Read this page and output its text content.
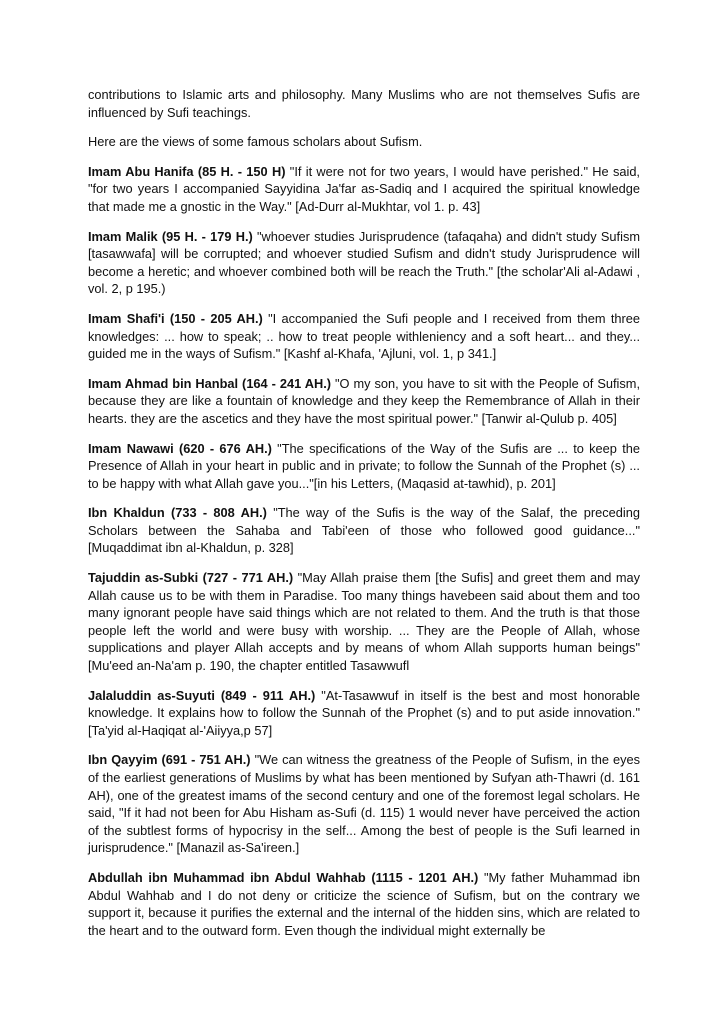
contributions to Islamic arts and philosophy. Many Muslims who are not themselves Sufis are influenced by Sufi teachings.

Here are the views of some famous scholars about Sufism.

Imam Abu Hanifa (85 H. - 150 H) "If it were not for two years, I would have perished." He said, "for two years I accompanied Sayyidina Ja'far as-Sadiq and I acquired the spiritual knowledge that made me a gnostic in the Way." [Ad-Durr al-Mukhtar, vol 1. p. 43]

Imam Malik (95 H. - 179 H.) "whoever studies Jurisprudence (tafaqaha) and didn't study Sufism [tasawwafa] will be corrupted; and whoever studied Sufism and didn't study Jurisprudence will become a heretic; and whoever combined both will be reach the Truth." [the scholar'Ali al-Adawi , vol. 2, p 195.)

Imam Shafi'i (150 - 205 AH.) "I accompanied the Sufi people and I received from them three knowledges: ... how to speak; .. how to treat people withleniency and a soft heart... and they... guided me in the ways of Sufism." [Kashf al-Khafa, 'Ajluni, vol. 1, p 341.]

Imam Ahmad bin Hanbal (164 - 241 AH.) "O my son, you have to sit with the People of Sufism, because they are like a fountain of knowledge and they keep the Remembrance of Allah in their hearts. they are the ascetics and they have the most spiritual power." [Tanwir al-Qulub p. 405]

Imam Nawawi (620 - 676 AH.) "The specifications of the Way of the Sufis are ... to keep the Presence of Allah in your heart in public and in private; to follow the Sunnah of the Prophet (s) ... to be happy with what Allah gave you..."[in his Letters, (Maqasid at-tawhid), p. 201]

Ibn Khaldun (733 - 808 AH.) "The way of the Sufis is the way of the Salaf, the preceding Scholars between the Sahaba and Tabi'een of those who followed good guidance..." [Muqaddimat ibn al-Khaldun, p. 328]

Tajuddin as-Subki (727 - 771 AH.) "May Allah praise them [the Sufis] and greet them and may Allah cause us to be with them in Paradise. Too many things havebeen said about them and too many ignorant people have said things which are not related to them. And the truth is that those people left the world and were busy with worship. ... They are the People of Allah, whose supplications and player Allah accepts and by means of whom Allah supports human beings" [Mu'eed an-Na'am p. 190, the chapter entitled Tasawwufl

Jalaluddin as-Suyuti (849 - 911 AH.) "At-Tasawwuf in itself is the best and most honorable knowledge. It explains how to follow the Sunnah of the Prophet (s) and to put aside innovation." [Ta'yid al-Haqiqat al-'Aiiyya,p 57]

Ibn Qayyim (691 - 751 AH.) "We can witness the greatness of the People of Sufism, in the eyes of the earliest generations of Muslims by what has been mentioned by Sufyan ath-Thawri (d. 161 AH), one of the greatest imams of the second century and one of the foremost legal scholars. He said, "If it had not been for Abu Hisham as-Sufi (d. 115) 1 would never have perceived the action of the subtlest forms of hypocrisy in the self... Among the best of people is the Sufi learned in jurisprudence." [Manazil as-Sa'ireen.]

Abdullah ibn Muhammad ibn Abdul Wahhab (1115 - 1201 AH.) "My father Muhammad ibn Abdul Wahhab and I do not deny or criticize the science of Sufism, but on the contrary we support it, because it purifies the external and the internal of the hidden sins, which are related to the heart and to the outward form. Even though the individual might externally be
